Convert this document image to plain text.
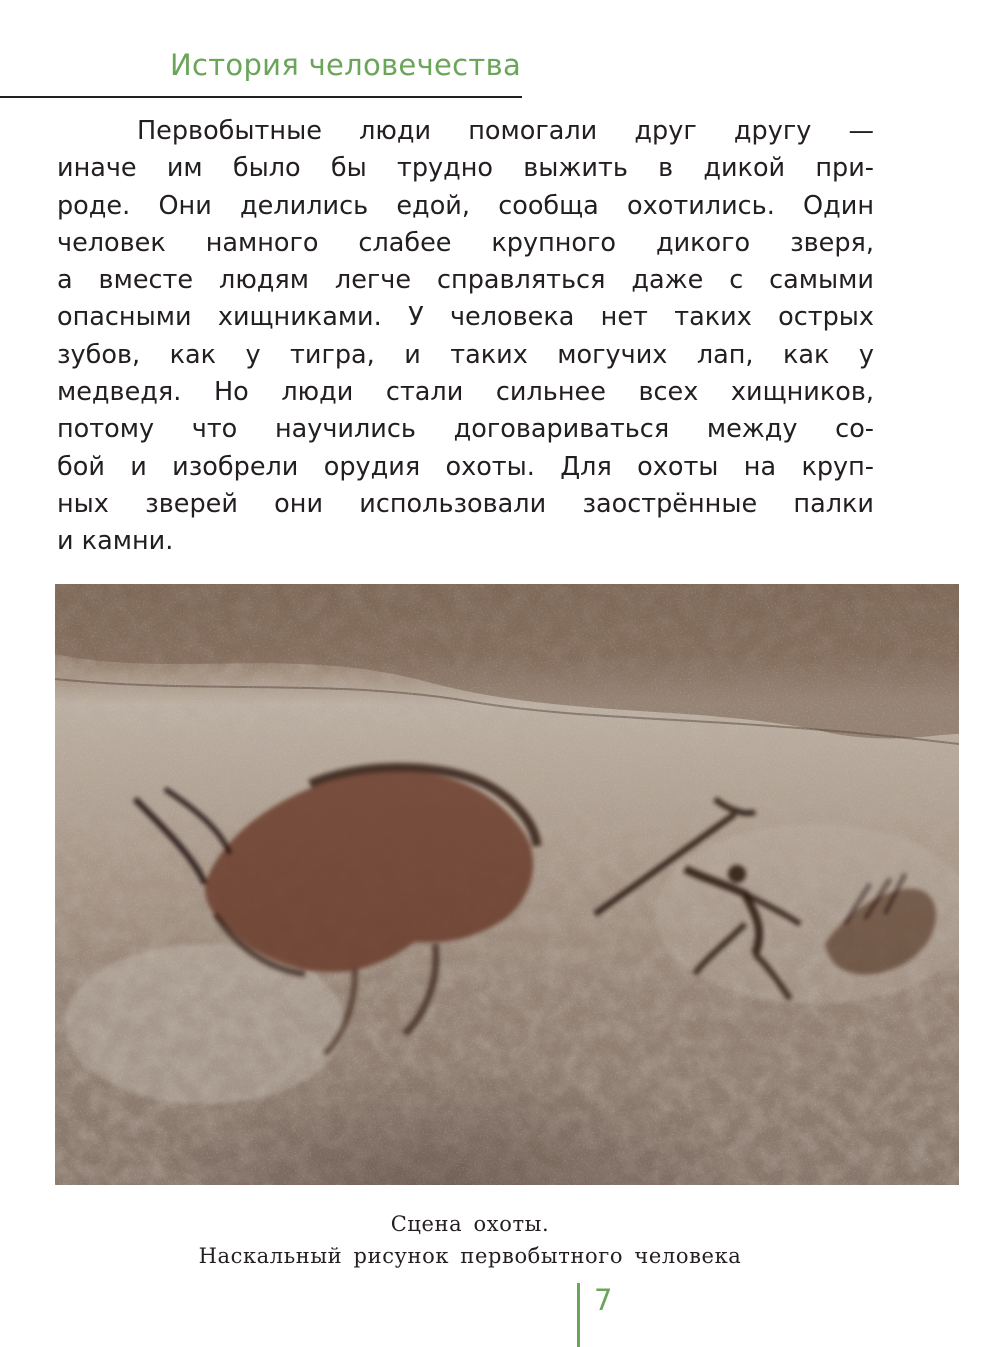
История человечества
Первобытные люди помогали друг другу —
иначе им было бы трудно выжить в дикой при-
роде. Они делились едой, сообща охотились. Один
человек намного слабее крупного дикого зверя,
а вместе людям легче справляться даже с самыми
опасными хищниками. У человека нет таких острых
зубов, как у тигра, и таких могучих лап, как у
медведя. Но люди стали сильнее всех хищников,
потому что научились договариваться между со-
бой и изобрели орудия охоты. Для охоты на круп-
ных зверей они использовали заострённые палки
и камни.
Сцена охоты.
Наскальный рисунок первобытного человека
7
